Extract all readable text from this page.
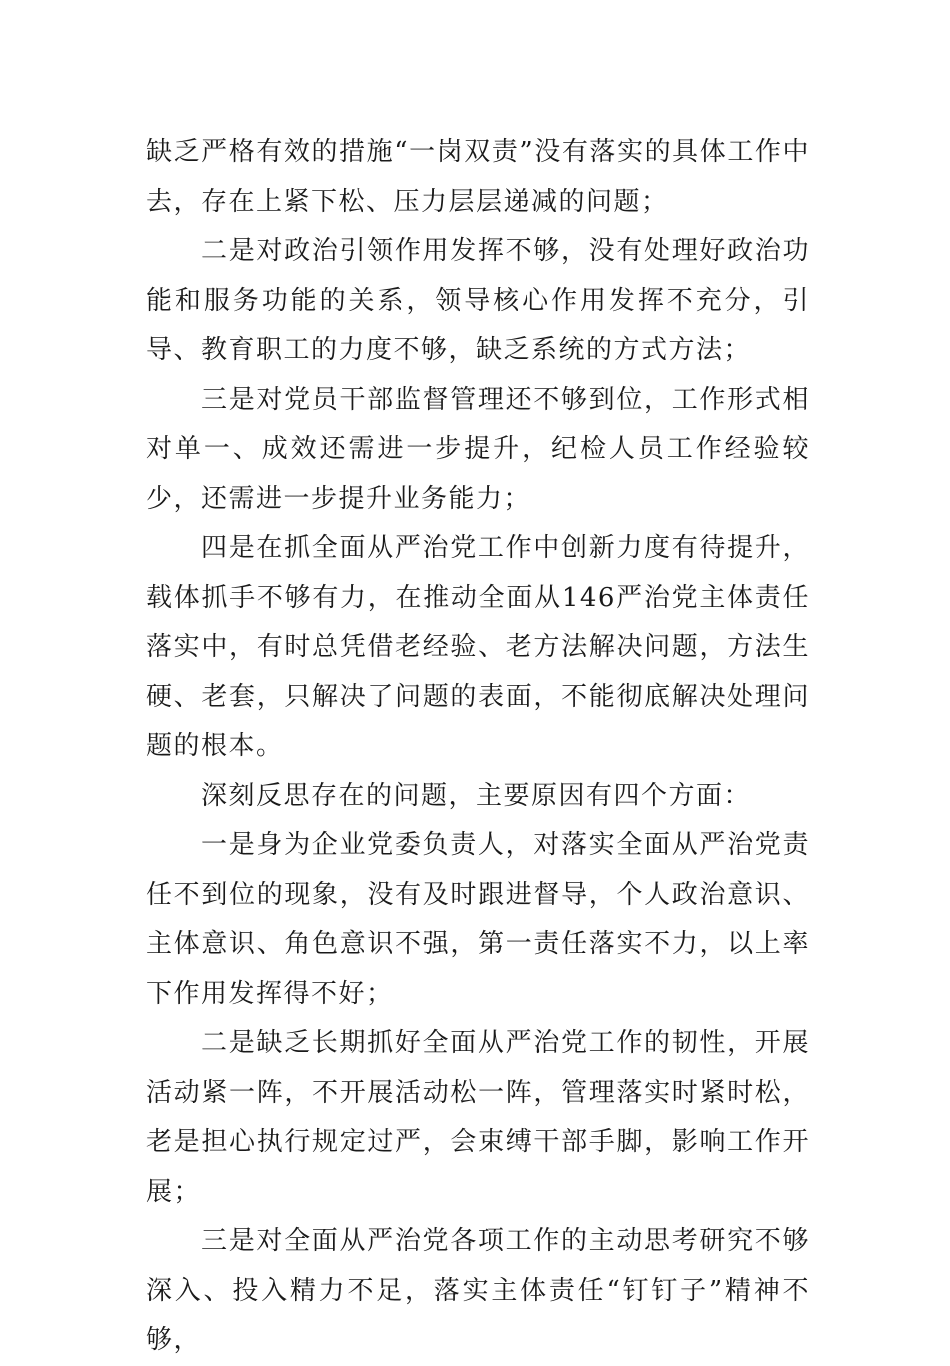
缺乏严格有效的措施“一岗双责”没有落实的具体工作中去，存在上紧下松、压力层层递减的问题；

二是对政治引领作用发挥不够，没有处理好政治功能和服务功能的关系，领导核心作用发挥不充分，引导、教育职工的力度不够，缺乏系统的方式方法；

三是对党员干部监督管理还不够到位，工作形式相对单一、成效还需进一步提升，纪检人员工作经验较少，还需进一步提升业务能力；

四是在抓全面从严治党工作中创新力度有待提升，载体抓手不够有力，在推动全面从146严治党主体责任落实中，有时总凭借老经验、老方法解决问题，方法生硬、老套，只解决了问题的表面，不能彻底解决处理问题的根本。

深刻反思存在的问题，主要原因有四个方面：

一是身为企业党委负责人，对落实全面从严治党责任不到位的现象，没有及时跟进督导，个人政治意识、主体意识、角色意识不强，第一责任落实不力，以上率下作用发挥得不好；

二是缺乏长期抓好全面从严治党工作的韧性，开展活动紧一阵，不开展活动松一阵，管理落实时紧时松，老是担心执行规定过严，会束缚干部手脚，影响工作开展；

三是对全面从严治党各项工作的主动思考研究不够深入、投入精力不足，落实主体责任“钉钉子”精神不够，
